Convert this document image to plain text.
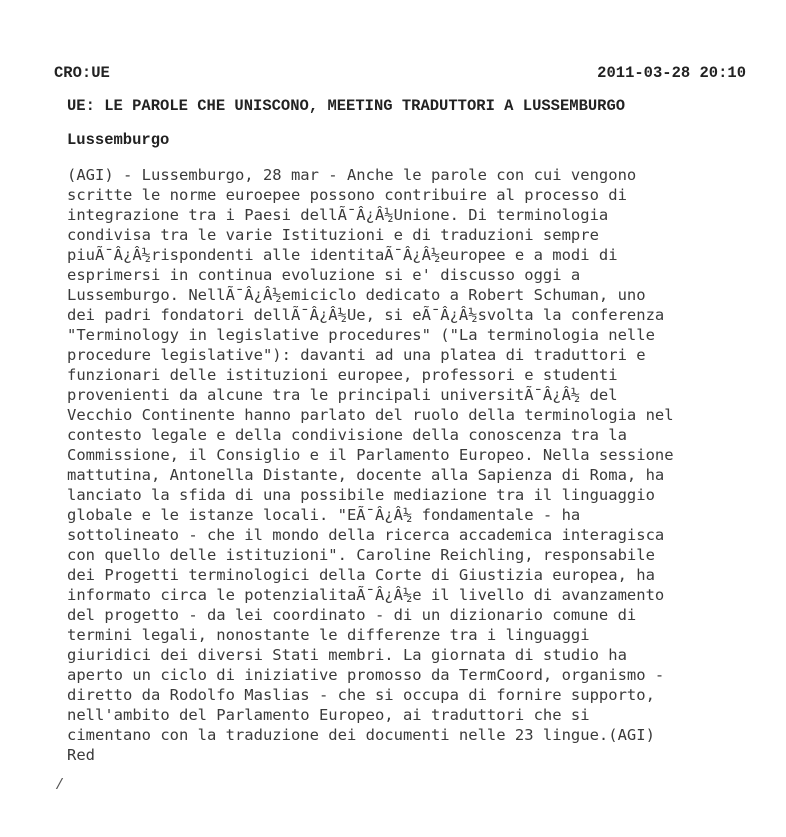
CRO:UE	2011-03-28 20:10
UE: LE PAROLE CHE UNISCONO, MEETING TRADUTTORI A LUSSEMBURGO
Lussemburgo
(AGI) - Lussemburgo, 28 mar - Anche le parole con cui vengono
scritte le norme euroepee possono contribuire al processo di
integrazione tra i Paesi dellÃ¯Â¿Â½Unione. Di terminologia
condivisa tra le varie Istituzioni e di traduzioni sempre
piuÃ¯Â¿Â½rispondenti alle identitaÃ¯Â¿Â½europee e a modi di
esprimersi in continua evoluzione si e' discusso oggi a
Lussemburgo. NellÃ¯Â¿Â½emiciclo dedicato a Robert Schuman, uno
dei padri fondatori dellÃ¯Â¿Â½Ue, si eÃ¯Â¿Â½svolta la conferenza
"Terminology in legislative procedures" ("La terminologia nelle
procedure legislative"): davanti ad una platea di traduttori e
funzionari delle istituzioni europee, professori e studenti
provenienti da alcune tra le principali universitÃ¯Â¿Â½ del
Vecchio Continente hanno parlato del ruolo della terminologia nel
contesto legale e della condivisione della conoscenza tra la
Commissione, il Consiglio e il Parlamento Europeo. Nella sessione
mattutina, Antonella Distante, docente alla Sapienza di Roma, ha
lanciato la sfida di una possibile mediazione tra il linguaggio
globale e le istanze locali. "EÃ¯Â¿Â½ fondamentale - ha
sottolineato - che il mondo della ricerca accademica interagisca
con quello delle istituzioni". Caroline Reichling, responsabile
dei Progetti terminologici della Corte di Giustizia europea, ha
informato circa le potenzialitaÃ¯Â¿Â½e il livello di avanzamento
del progetto - da lei coordinato - di un dizionario comune di
termini legali, nonostante le differenze tra i linguaggi
giuridici dei diversi Stati membri. La giornata di studio ha
aperto un ciclo di iniziative promosso da TermCoord, organismo -
diretto da Rodolfo Maslias - che si occupa di fornire supporto,
nell'ambito del Parlamento Europeo, ai traduttori che si
cimentano con la traduzione dei documenti nelle 23 lingue.(AGI)
Red
/
